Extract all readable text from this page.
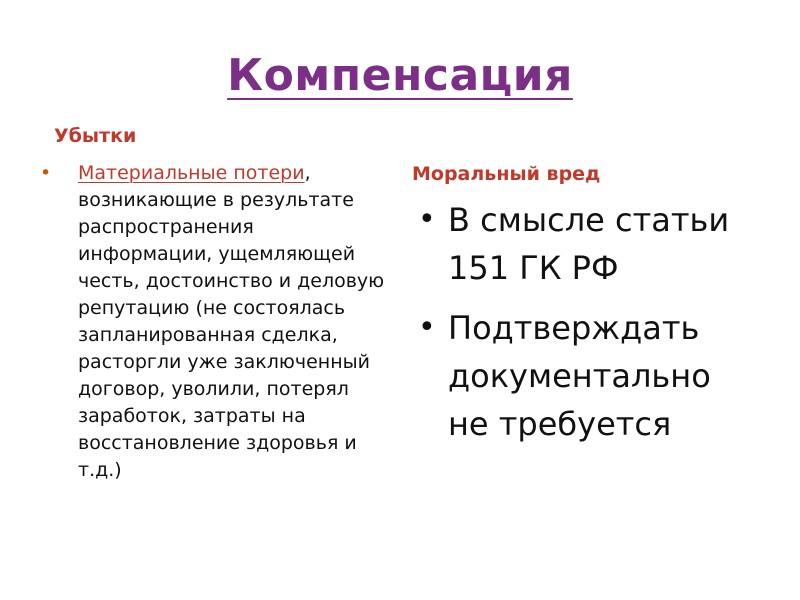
Компенсация
Убытки
• Материальные потери, возникающие в результате распространения информации, ущемляющей честь, достоинство и деловую репутацию (не состоялась запланированная сделка, расторгли уже заключенный договор, уволили, потерял заработок, затраты на восстановление здоровья и т.д.)
Моральный вред
• В смысле статьи 151 ГК РФ
• Подтверждать документально не требуется
